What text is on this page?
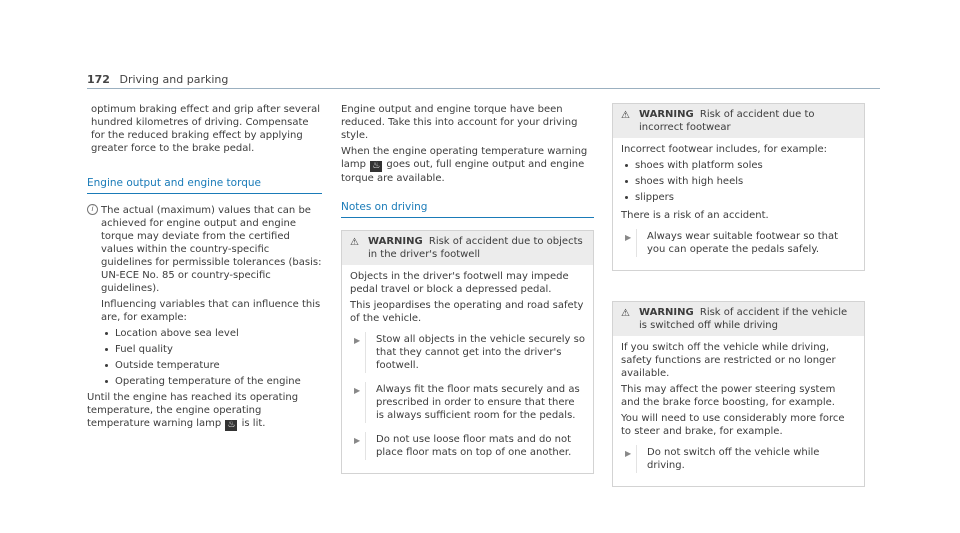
172 Driving and parking

optimum braking effect and grip after several hundred kilometres of driving. Compensate for the reduced braking effect by applying greater force to the brake pedal.

Engine output and engine torque
i The actual (maximum) values that can be achieved for engine output and engine torque may deviate from the certified values within the country-specific guidelines for permissible tolerances (basis: UN-ECE No. 85 or country-specific guidelines).

Influencing variables that can influence this are, for example:

Location above sea level
Fuel quality
Outside temperature
Operating temperature of the engine

Until the engine has reached its operating temperature, the engine operating temperature warning lamp ♨ is lit.

Engine output and engine torque have been reduced. Take this into account for your driving style.

When the engine operating temperature warning lamp ♨ goes out, full engine output and engine torque are available.

Notes on driving
⚠ WARNING Risk of accident due to objects in the driver's footwell

Objects in the driver's footwell may impede pedal travel or block a depressed pedal.

This jeopardises the operating and road safety of the vehicle.

▶ Stow all objects in the vehicle securely so that they cannot get into the driver's footwell.
▶ Always fit the floor mats securely and as prescribed in order to ensure that there is always sufficient room for the pedals.
▶ Do not use loose floor mats and do not place floor mats on top of one another.
⚠ WARNING Risk of accident due to incorrect footwear

Incorrect footwear includes, for example:

shoes with platform soles
shoes with high heels
slippers

There is a risk of an accident.

▶ Always wear suitable footwear so that you can operate the pedals safely.
⚠ WARNING Risk of accident if the vehicle is switched off while driving

If you switch off the vehicle while driving, safety functions are restricted or no longer available.

This may affect the power steering system and the brake force boosting, for example.

You will need to use considerably more force to steer and brake, for example.

▶ Do not switch off the vehicle while driving.
